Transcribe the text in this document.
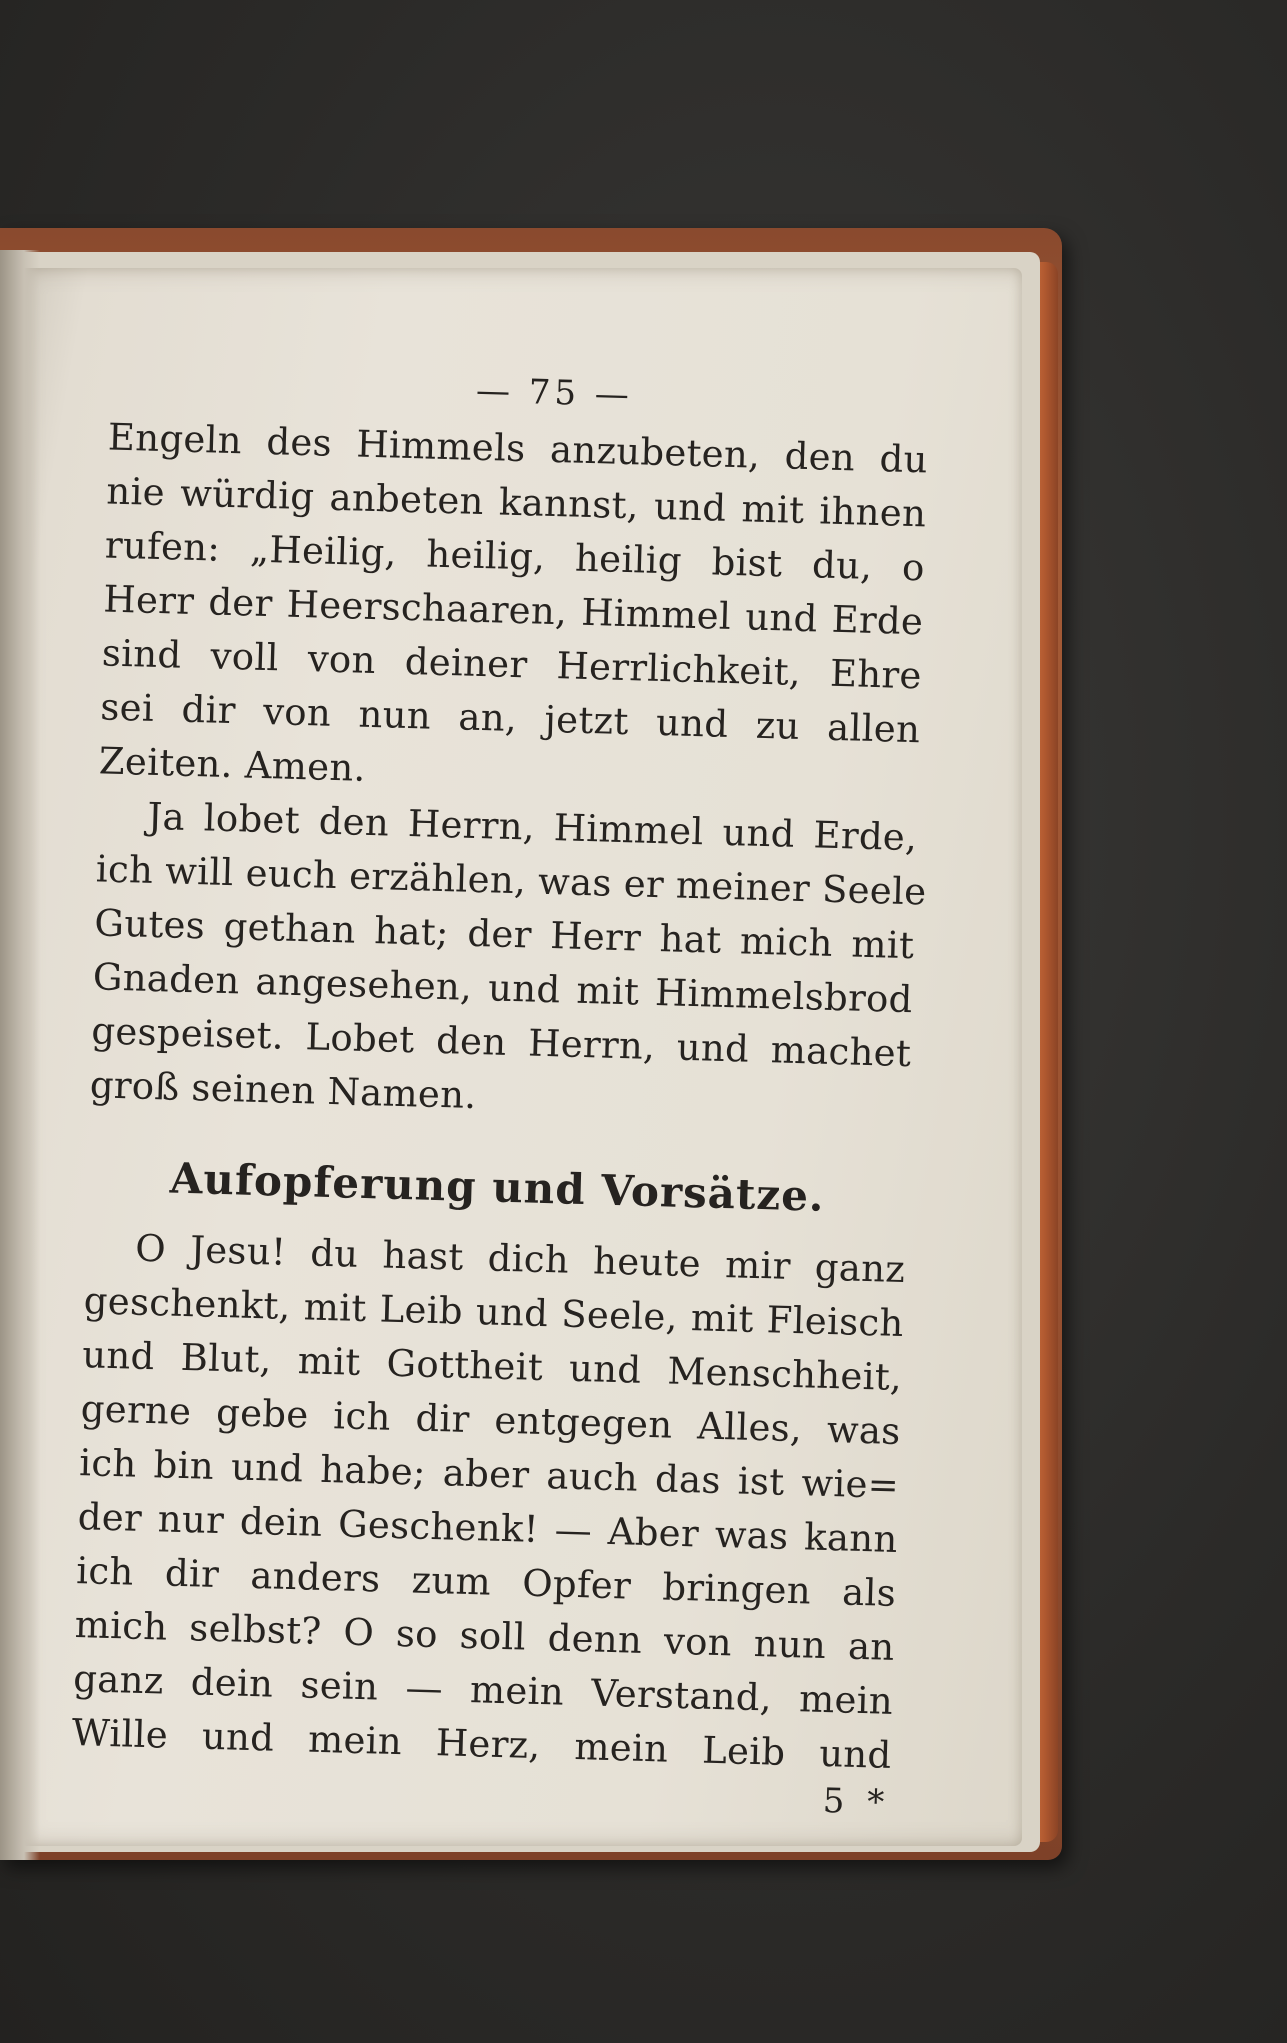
— 75 —
Engeln des Himmels anzubeten, den du
nie würdig anbeten kannst, und mit ihnen
rufen: „Heilig, heilig, heilig bist du, o
Herr der Heerschaaren, Himmel und Erde
sind voll von deiner Herrlichkeit, Ehre
sei dir von nun an, jetzt und zu allen
Zeiten. Amen.
Ja lobet den Herrn, Himmel und Erde,
ich will euch erzählen, was er meiner Seele
Gutes gethan hat; der Herr hat mich mit
Gnaden angesehen, und mit Himmelsbrod
gespeiset. Lobet den Herrn, und machet
groß seinen Namen.
Aufopferung und Vorsätze.
O Jesu! du hast dich heute mir ganz
geschenkt, mit Leib und Seele, mit Fleisch
und Blut, mit Gottheit und Menschheit,
gerne gebe ich dir entgegen Alles, was
ich bin und habe; aber auch das ist wie=
der nur dein Geschenk! — Aber was kann
ich dir anders zum Opfer bringen als
mich selbst? O so soll denn von nun an
ganz dein sein — mein Verstand, mein
Wille und mein Herz, mein Leib und
5 *
